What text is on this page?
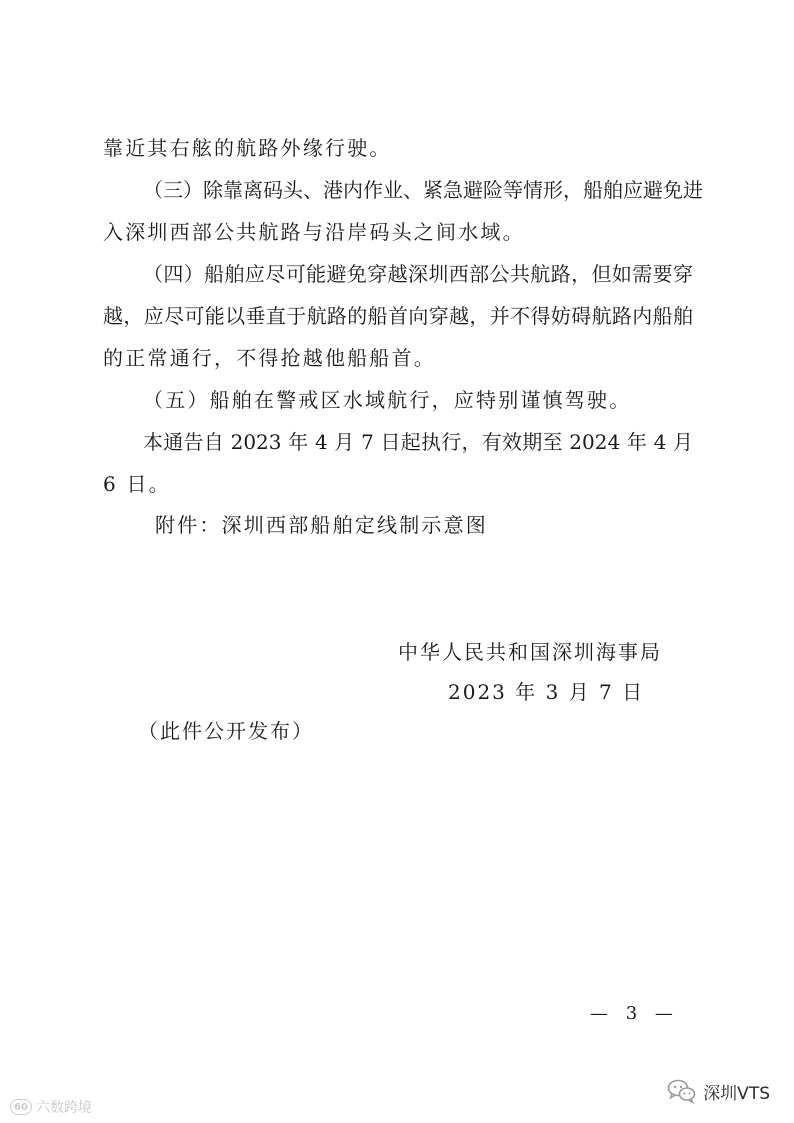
靠近其右舷的航路外缘行驶。
（三）除靠离码头、港内作业、紧急避险等情形，船舶应避免进
入深圳西部公共航路与沿岸码头之间水域。
（四）船舶应尽可能避免穿越深圳西部公共航路，但如需要穿
越，应尽可能以垂直于航路的船首向穿越，并不得妨碍航路内船舶
的正常通行，不得抢越他船船首。
（五）船舶在警戒区水域航行，应特别谨慎驾驶。
本通告自 2023 年 4 月 7 日起执行，有效期至 2024 年 4 月
6 日。
附件：深圳西部船舶定线制示意图
中华人民共和国深圳海事局
2023 年 3 月 7 日
（此件公开发布）
— 3 —
60 六数跨境
深圳VTS
